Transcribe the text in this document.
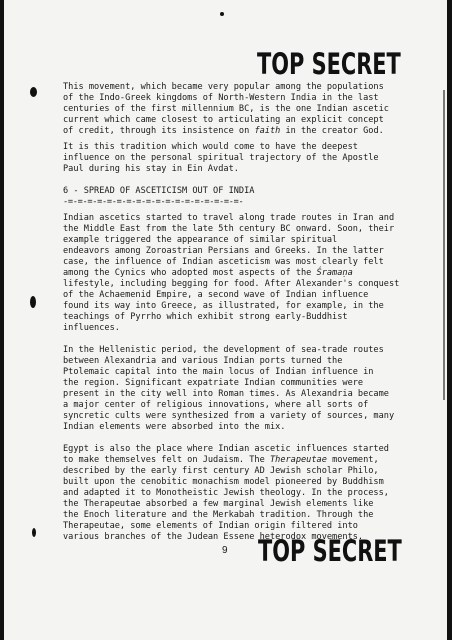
TOP SECRET
This movement, which became very popular among the populations
of the Indo-Greek kingdoms of North-Western India in the last
centuries of the first millennium BC, is the one Indian ascetic
current which came closest to articulating an explicit concept
of credit, through its insistence on faith in the creator God.
It is this tradition which would come to have the deepest
influence on the personal spiritual trajectory of the Apostle
Paul during his stay in Ein Avdat.
6 - SPREAD OF ASCETICISM OUT OF INDIA
-=-=-=-=-=-=-=-=-=-=-=-=-=-=-=-=-=-=-
Indian ascetics started to travel along trade routes in Iran and
the Middle East from the late 5th century BC onward. Soon, their
example triggered the appearance of similar spiritual
endeavors among Zoroastrian Persians and Greeks. In the latter
case, the influence of Indian asceticism was most clearly felt
among the Cynics who adopted most aspects of the Śramaṇa
lifestyle, including begging for food. After Alexander's conquest
of the Achaemenid Empire, a second wave of Indian influence
found its way into Greece, as illustrated, for example, in the
teachings of Pyrrho which exhibit strong early-Buddhist
influences.
In the Hellenistic period, the development of sea-trade routes
between Alexandria and various Indian ports turned the
Ptolemaic capital into the main locus of Indian influence in
the region. Significant expatriate Indian communities were
present in the city well into Roman times. As Alexandria became
a major center of religious innovations, where all sorts of
syncretic cults were synthesized from a variety of sources, many
Indian elements were absorbed into the mix.
Egypt is also the place where Indian ascetic influences started
to make themselves felt on Judaism. The Therapeutae movement,
described by the early first century AD Jewish scholar Philo,
built upon the cenobitic monachism model pioneered by Buddhism
and adapted it to Monotheistic Jewish theology. In the process,
the Therapeutae absorbed a few marginal Jewish elements like
the Enoch literature and the Merkabah tradition. Through the
Therapeutae, some elements of Indian origin filtered into
various branches of the Judean Essene heterodox movements.
9 TOP SECRET
